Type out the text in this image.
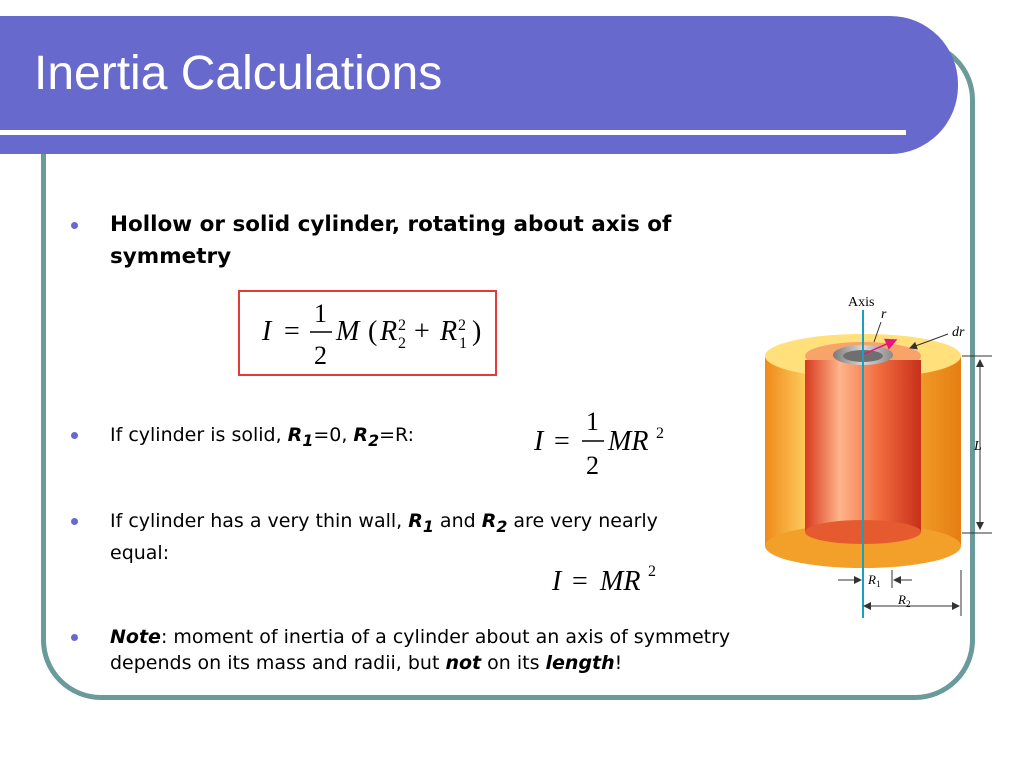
Inertia Calculations
Hollow or solid cylinder, rotating about axis of symmetry
I =
1
2
M ( R 2
2 + R 2
1 )
If cylinder is solid, $R_1=0$, $R_2=R$:	I =
1
2
MR 2
If cylinder has a very thin wall, $R_1$ and $R_2$ are very nearly equal:
I = MR 2
Note: moment of inertia of a cylinder about an axis of symmetry depends on its mass and radii, but not on its length!
Axis
r
dr
L
$R_1$
$R_2$
